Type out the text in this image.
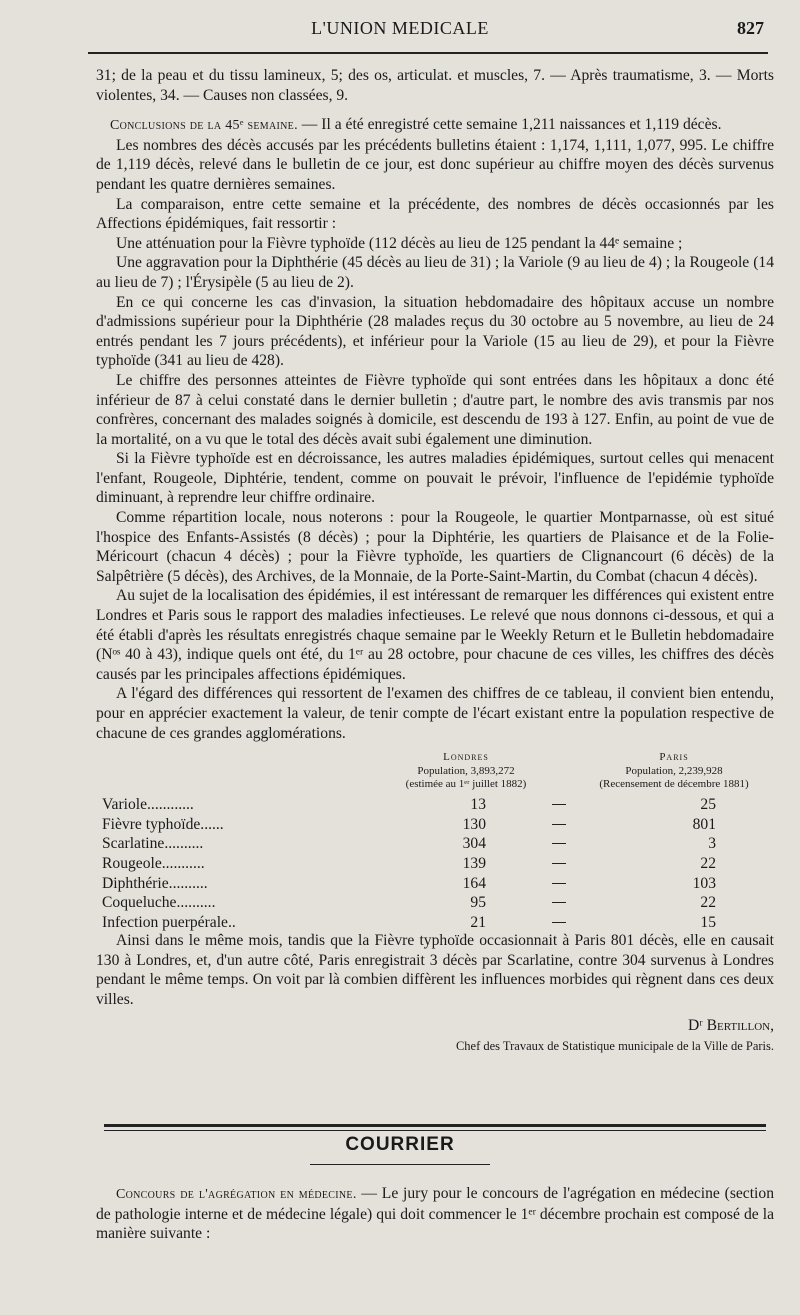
L'UNION MEDICALE	827

31; de la peau et du tissu lamineux, 5; des os, articulat. et muscles, 7. — Après traumatisme, 3. — Morts violentes, 34. — Causes non classées, 9.

Conclusions de la 45ᵉ semaine. — Il a été enregistré cette semaine 1,211 naissances et 1,119 décès.

Les nombres des décès accusés par les précédents bulletins étaient : 1,174, 1,111, 1,077, 995. Le chiffre de 1,119 décès, relevé dans le bulletin de ce jour, est donc supérieur au chiffre moyen des décès survenus pendant les quatre dernières semaines.

La comparaison, entre cette semaine et la précédente, des nombres de décès occasionnés par les Affections épidémiques, fait ressortir :

Une atténuation pour la Fièvre typhoïde (112 décès au lieu de 125 pendant la 44ᵉ semaine ;

Une aggravation pour la Diphthérie (45 décès au lieu de 31) ; la Variole (9 au lieu de 4) ; la Rougeole (14 au lieu de 7) ; l'Érysipèle (5 au lieu de 2).

En ce qui concerne les cas d'invasion, la situation hebdomadaire des hôpitaux accuse un nombre d'admissions supérieur pour la Diphthérie (28 malades reçus du 30 octobre au 5 novembre, au lieu de 24 entrés pendant les 7 jours précédents), et inférieur pour la Variole (15 au lieu de 29), et pour la Fièvre typhoïde (341 au lieu de 428).

Le chiffre des personnes atteintes de Fièvre typhoïde qui sont entrées dans les hôpitaux a donc été inférieur de 87 à celui constaté dans le dernier bulletin ; d'autre part, le nombre des avis transmis par nos confrères, concernant des malades soignés à domicile, est descendu de 193 à 127. Enfin, au point de vue de la mortalité, on a vu que le total des décès avait subi également une diminution.

Si la Fièvre typhoïde est en décroissance, les autres maladies épidémiques, surtout celles qui menacent l'enfant, Rougeole, Diphtérie, tendent, comme on pouvait le prévoir, l'influence de l'epidémie typhoïde diminuant, à reprendre leur chiffre ordinaire.

Comme répartition locale, nous noterons : pour la Rougeole, le quartier Montparnasse, où est situé l'hospice des Enfants-Assistés (8 décès) ; pour la Diphtérie, les quartiers de Plaisance et de la Folie-Méricourt (chacun 4 décès) ; pour la Fièvre typhoïde, les quartiers de Clignancourt (6 décès) de la Salpêtrière (5 décès), des Archives, de la Monnaie, de la Porte-Saint-Martin, du Combat (chacun 4 décès).

Au sujet de la localisation des épidémies, il est intéressant de remarquer les différences qui existent entre Londres et Paris sous le rapport des maladies infectieuses. Le relevé que nous donnons ci-dessous, et qui a été établi d'après les résultats enregistrés chaque semaine par le Weekly Return et le Bulletin hebdomadaire (Nᵒˢ 40 à 43), indique quels ont été, du 1ᵉʳ au 28 octobre, pour chacune de ces villes, les chiffres des décès causés par les principales affections épidémiques.

A l'égard des différences qui ressortent de l'examen des chiffres de ce tableau, il convient bien entendu, pour en apprécier exactement la valeur, de tenir compte de l'écart existant entre la population respective de chacune de ces grandes agglomérations.

Londres
Population, 3,893,272
(estimée au 1ᵉʳ juillet 1882)
Paris
Population, 2,239,928
(Recensement de décembre 1881)
Variole............	13	25
Fièvre typhoïde......	130	801
Scarlatine..........	304	3
Rougeole...........	139	22
Diphthérie..........	164	103
Coqueluche..........	95	22
Infection puerpérale..	21	15

Ainsi dans le même mois, tandis que la Fièvre typhoïde occasionnait à Paris 801 décès, elle en causait 130 à Londres, et, d'un autre côté, Paris enregistrait 3 décès par Scarlatine, contre 304 survenus à Londres pendant le même temps. On voit par là combien diffèrent les influences morbides qui règnent dans ces deux villes.

Dʳ Bertillon,
Chef des Travaux de Statistique municipale de la Ville de Paris.
COURRIER

Concours de l'agrégation en médecine. — Le jury pour le concours de l'agrégation en médecine (section de pathologie interne et de médecine légale) qui doit commencer le 1ᵉʳ décembre prochain est composé de la manière suivante :
